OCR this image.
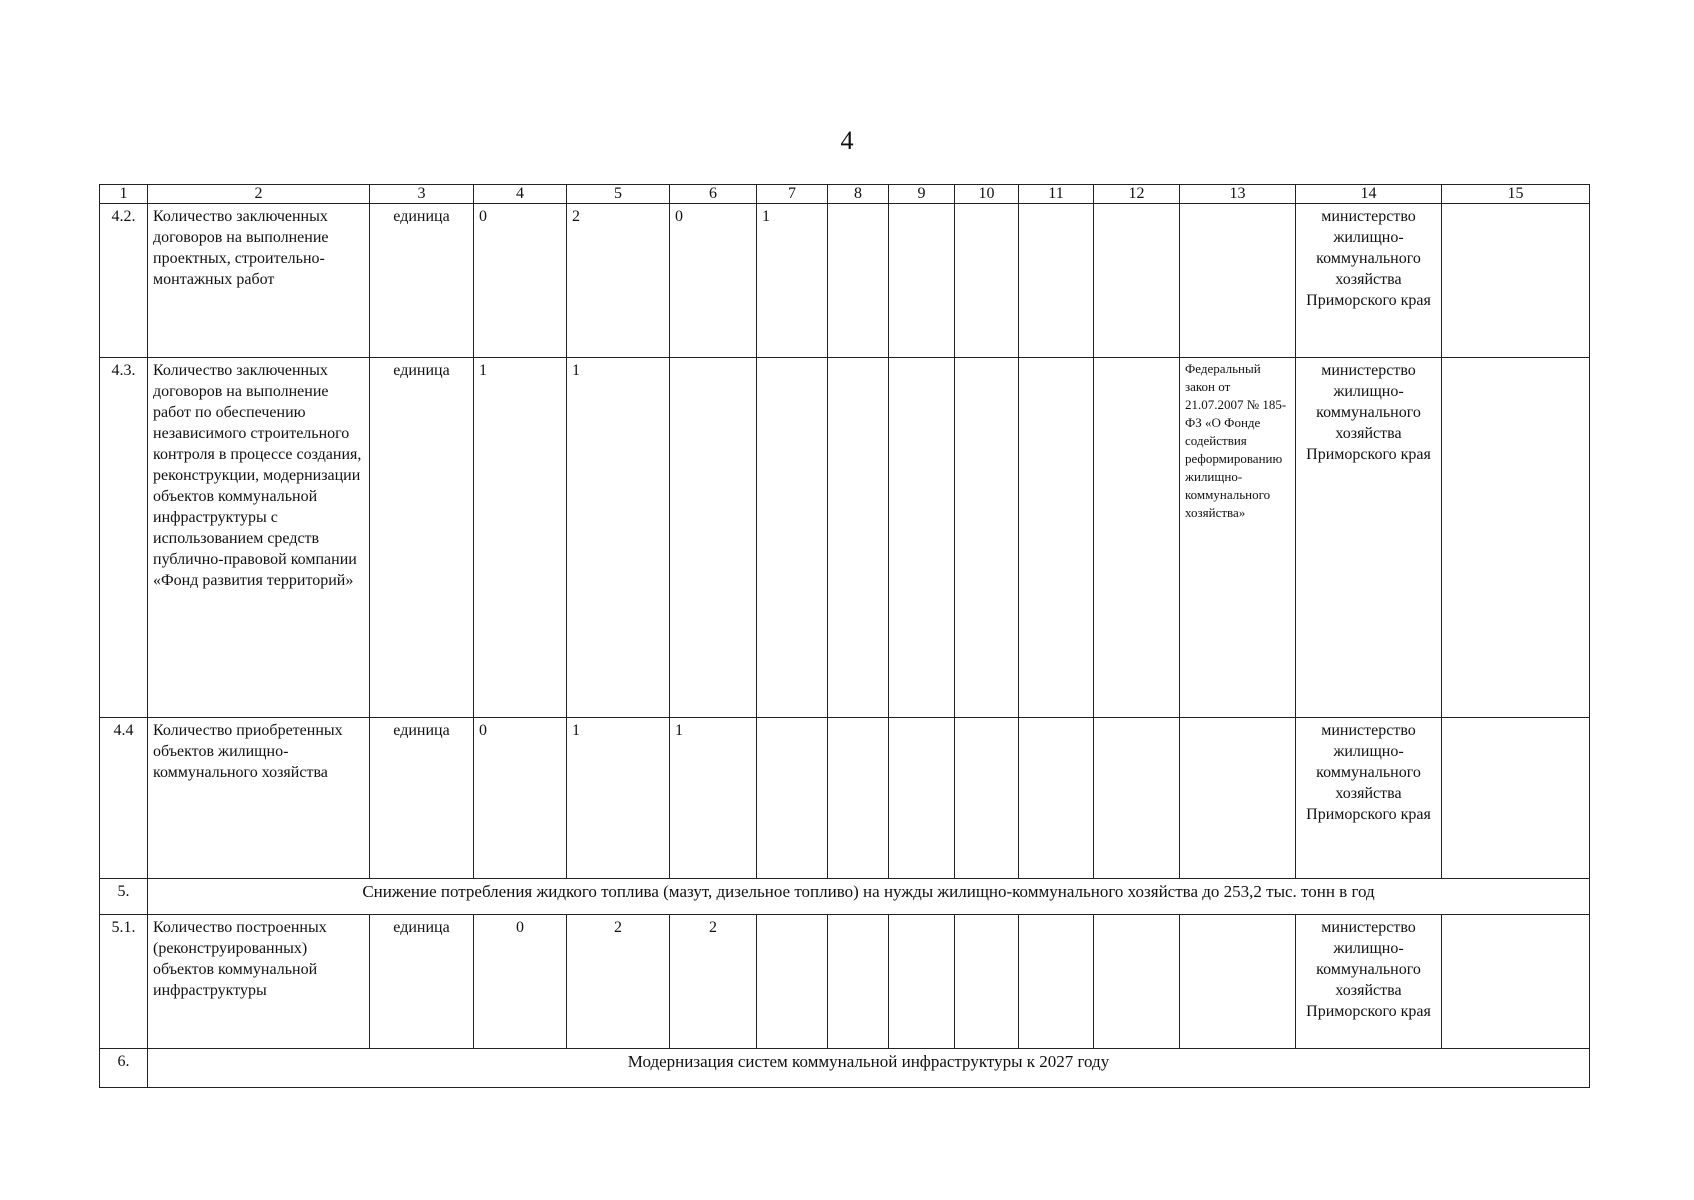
4
1	2	3	4	5	6	7	8	9	10	11	12	13	14	15
4.2.	Количество заключенных договоров на выполнение проектных, строительно-монтажных работ	единица	0	2	0	1							министерство жилищно-коммунального хозяйства Приморского края	
4.3.	Количество заключенных договоров на выполнение работ по обеспечению независимого строительного контроля в процессе создания, реконструкции, модернизации объектов коммунальной инфраструктуры с использованием средств публично-правовой компании «Фонд развития территорий»	единица	1	1								Федеральный закон от 21.07.2007 № 185-ФЗ «О Фонде содействия реформированию жилищно-коммунального хозяйства»	министерство жилищно-коммунального хозяйства Приморского края	
4.4	Количество приобретенных объектов жилищно-коммунального хозяйства	единица	0	1	1								министерство жилищно-коммунального хозяйства Приморского края	
5.	Снижение потребления жидкого топлива (мазут, дизельное топливо) на нужды жилищно-коммунального хозяйства до 253,2 тыс. тонн в год													
5.1.	Количество построенных (реконструированных) объектов коммунальной инфраструктуры	единица	0	2	2								министерство жилищно-коммунального хозяйства Приморского края	
6.	Модернизация систем коммунальной инфраструктуры к 2027 году													
